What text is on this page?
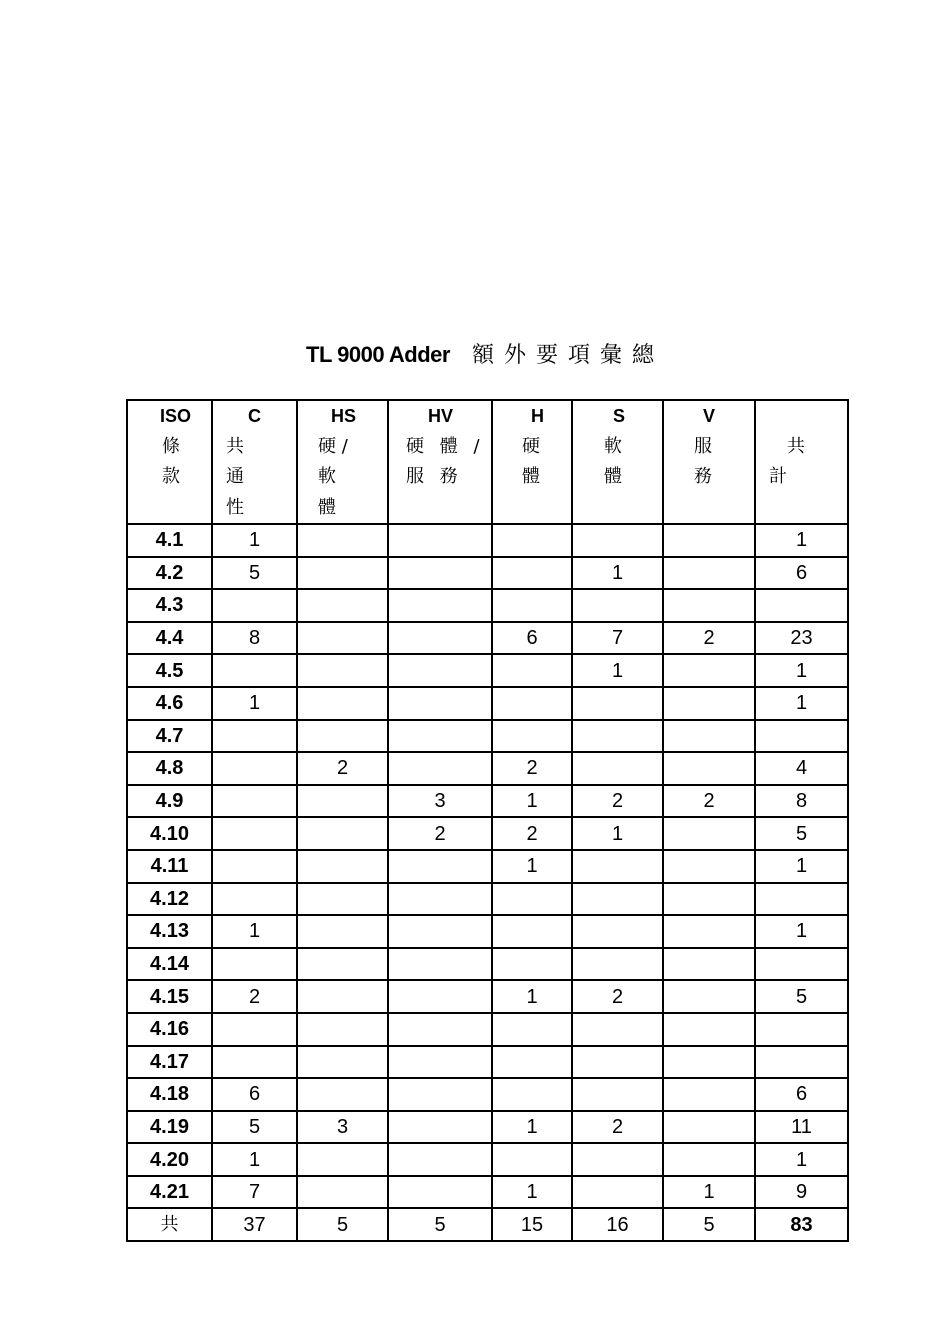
TL 9000 Adder 額外要項彙總
ISO
條
款	C
共
通
性	HS
硬 /
軟
體	HV
硬 體 /
服 務	H
硬
體	S
軟
體	V
服
務	共
計

4.1	1						1
4.2	5				1		6
4.3							
4.4	8			6	7	2	23
4.5					1		1
4.6	1						1
4.7							
4.8		2		2			4
4.9			3	1	2	2	8
4.10			2	2	1		5
4.11				1			1
4.12							
4.13	1						1
4.14							
4.15	2			1	2		5
4.16							
4.17							
4.18	6						6
4.19	5	3		1	2		11
4.20	1						1
4.21	7			1		1	9
共	37	5	5	15	16	5	83
